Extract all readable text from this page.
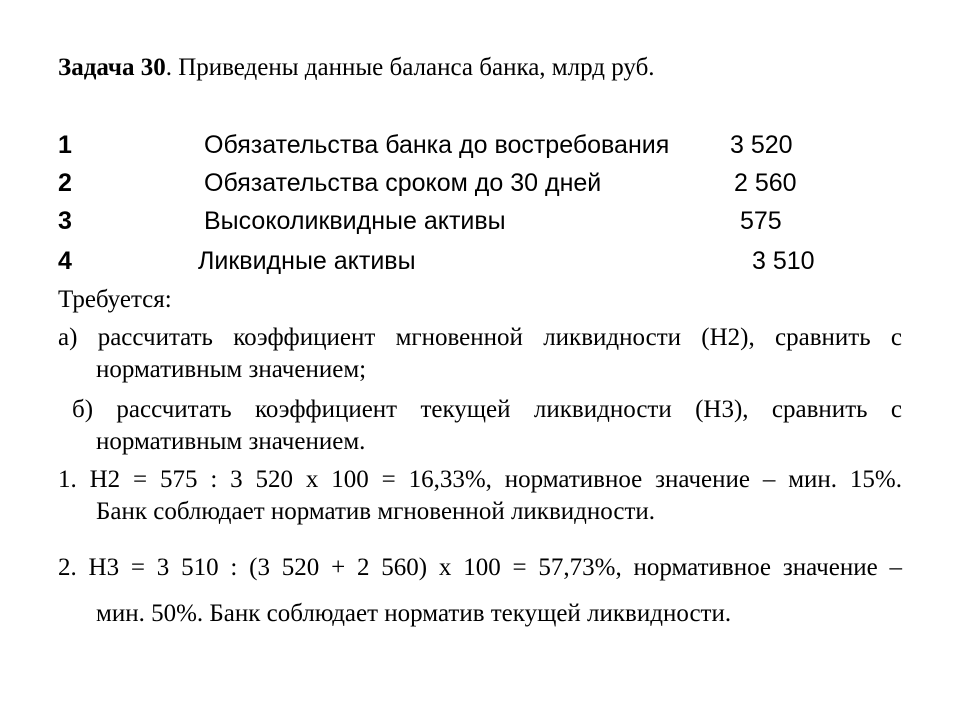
Задача 30. Приведены данные баланса банка, млрд руб.
1	Обязательства банка до востребования 3 520
2	Обязательства сроком до 30 дней	2 560
3	Высоколиквидные активы	575
4	Ликвидные активы	3 510
Требуется:
а) рассчитать коэффициент мгновенной ликвидности (Н2), сравнить с
нормативным значением;
б) рассчитать коэффициент текущей ликвидности (Н3), сравнить с
нормативным значением.
1. Н2 = 575 : 3 520 х 100 = 16,33%, нормативное значение – мин. 15%.
Банк соблюдает норматив мгновенной ликвидности.
2. Н3 = 3 510 : (3 520 + 2 560) х 100 = 57,73%, нормативное значение –
мин. 50%. Банк соблюдает норматив текущей ликвидности.
